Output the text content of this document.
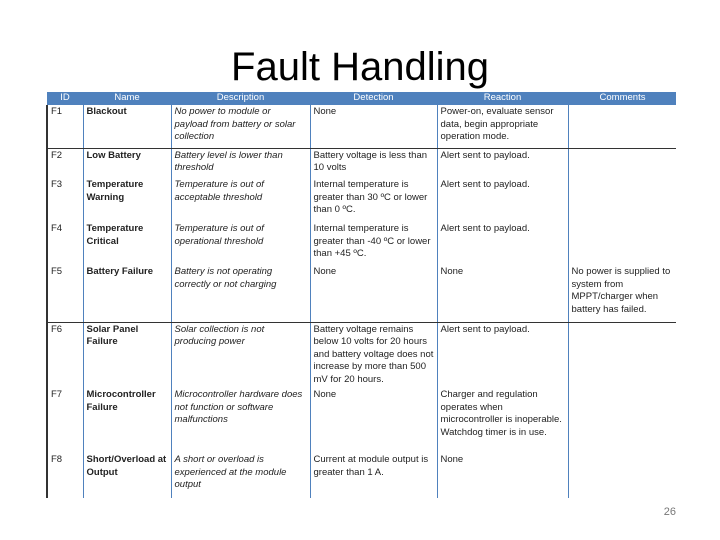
Fault Handling
ID	Name	Description	Detection	Reaction	Comments
F1	Blackout	No power to module or payload from battery or solar collection	None	Power-on, evaluate sensor data, begin appropriate operation mode.	
F2	Low Battery	Battery level is lower than threshold	Battery voltage is less than 10 volts	Alert sent to payload.	
F3	Temperature Warning	Temperature is out of acceptable threshold	Internal temperature is greater than 30 ºC or lower than 0 ºC.	Alert sent to payload.	
F4	Temperature Critical	Temperature is out of operational threshold	Internal temperature is greater than -40 ºC or lower than +45 ºC.	Alert sent to payload.	
F5	Battery Failure	Battery is not operating correctly or not charging	None	None	No power is supplied to system from MPPT/charger when battery has failed.
F6	Solar Panel Failure	Solar collection is not producing power	Battery voltage remains below 10 volts for 20 hours and battery voltage does not increase by more than 500 mV for 20 hours.	Alert sent to payload.	
F7	Microcontroller Failure	Microcontroller hardware does not function or software malfunctions	None	Charger and regulation operates when microcontroller is inoperable. Watchdog timer is in use.	
F8	Short/Overload at Output	A short or overload is experienced at the module output	Current at module output is greater than 1 A.	None	
26
